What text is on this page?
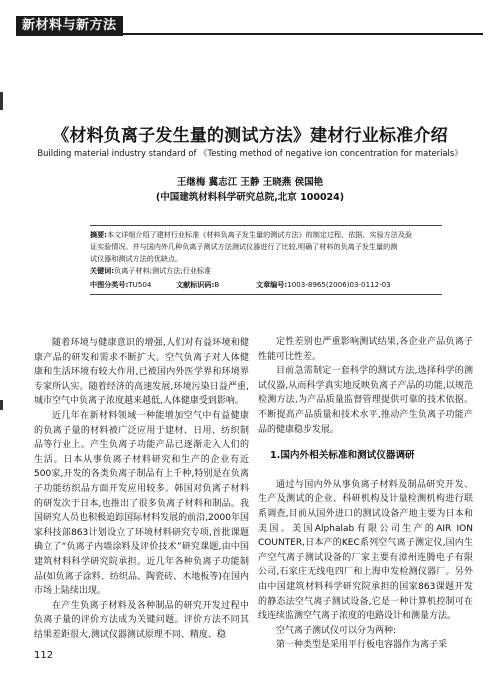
新材料与新方法
《材料负离子发生量的测试方法》建材行业标准介绍
Building material industry standard of 《Testing method of negative ion concentration for materials》
王继梅 冀志江 王静 王晓燕 侯国艳
(中国建筑材料科学研究总院,北京 100024)
摘要:本文详细介绍了建材行业标准《材料负离子发生量的测试方法》的制定过程、依据、实验方法及验
证实验情况。并与国内外几种负离子测试方法测试仪器进行了比较,明确了材料的负离子发生量的测
试仪器和测试方法的优缺点。
关键词:负离子材料;测试方法;行业标准
中图分类号:TU504	文献标识码:B	文章编号:1003-8965(2006)03-0112-03

随着环境与健康意识的增强,人们对有益环境和健康产品的研发和需求不断扩大。空气负离子对人体健康和生活环境有较大作用,已被国内外医学界和环境界专家所认实。随着经济的高速发展,环境污染日益严重,城市空气中负离子浓度越来越低,人体健康受到影响。

近几年在新材料领域一种能增加空气中有益健康的负离子量的材料被广泛应用于建材、日用、纺织制品等行业上。产生负离子功能产品已逐渐走入人们的生活。日本从事负离子材料研究和生产的企业有近500家,开发的各类负离子制品有上千种,特别是在负离子功能纺织品方面开发应用较多。韩国对负离子材料的研发次于日本,也推出了很多负离子材料和制品。我国研究人员也积极追踪国际材料发展的前沿,2000年国家科技部863计划设立了环境材料研究专项,首批课题确立了“负离子内墙涂料及评价技术”研究课题,由中国建筑材料科学研究院承担。近几年各种负离子功能制品(如负离子涂料、纺织品、陶瓷砖、木地板等)在国内市场上陆续出现。

在产生负离子材料及各种制品的研究开发过程中负离子量的评价方法成为关键问题。评价方法不同其结果差距很大,测试仪器测试原理不同、精度、稳

定性差别也严重影响测试结果,各企业产品负离子性能可比性差。

目前急需制定一套科学的测试方法,选择科学的测试仪器,从而科学真实地反映负离子产品的功能,以规范检测方法,为产品质量监督管理提供可靠的技术依据。不断提高产品质量和技术水平,推动产生负离子功能产品的健康稳步发展。

1.国内外相关标准和测试仪器调研

通过与国内外从事负离子材料及制品研究开发、生产及测试的企业、科研机构及计量检测机构进行联系调查,目前从国外进口的测试设备产地主要为日本和美国。美国Alphalab有限公司生产的AIR ION COUNTER,日本产的KEC系列空气离子测定仪,国内生产空气离子测试设备的厂家主要有漳州连腾电子有限公司,石家庄无线电四厂和上海申发检测仪器厂。另外由中国建筑材料科学研究院承担的国家863课题开发的静态法空气离子测试设备,它是一种计算机控制可在线连续监测空气离子浓度的电路设计和测量方法。

空气离子测试仪可以分为两种:

第一种类型是采用平行板电容器作为离子采

112
